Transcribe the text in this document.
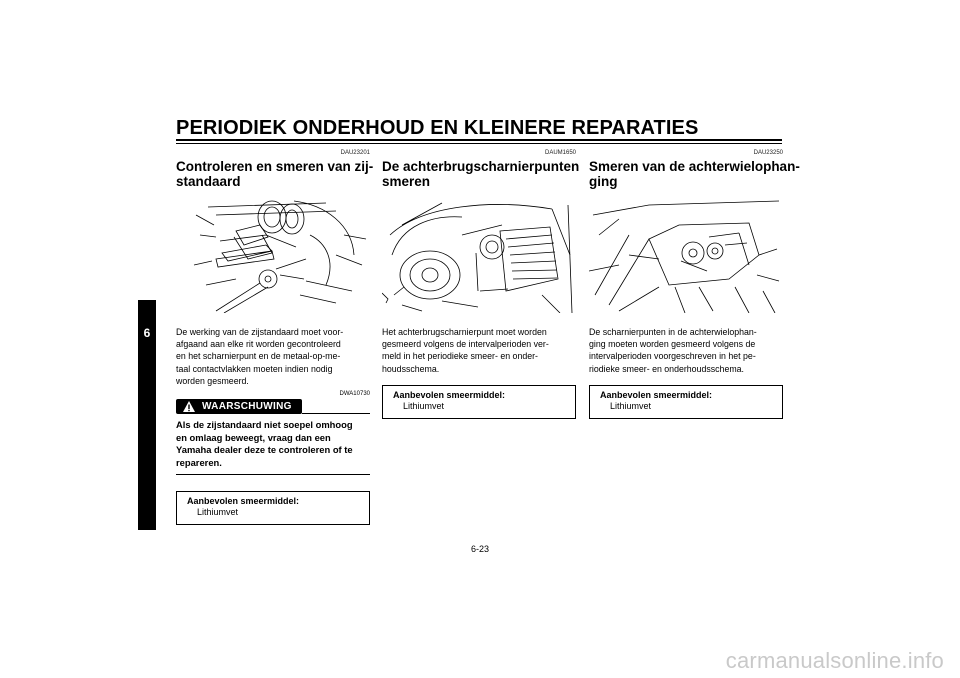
PERIODIEK ONDERHOUD EN KLEINERE REPARATIES
6
DAU23201
Controleren en smeren van zij-
standaard
De werking van de zijstandaard moet voor-
afgaand aan elke rit worden gecontroleerd
en het scharnierpunt en de metaal-op-me-
taal contactvlakken moeten indien nodig
worden gesmeerd.
DWA10730
WAARSCHUWING
Als de zijstandaard niet soepel omhoog
en omlaag beweegt, vraag dan een
Yamaha dealer deze te controleren of te
repareren.
Aanbevolen smeermiddel:
Lithiumvet
DAUM1650
De achterbrugscharnierpunten
smeren
Het achterbrugscharnierpunt moet worden
gesmeerd volgens de intervalperioden ver-
meld in het periodieke smeer- en onder-
houdsschema.
Aanbevolen smeermiddel:
Lithiumvet
DAU23250
Smeren van de achterwielophan-
ging
De scharnierpunten in de achterwielophan-
ging moeten worden gesmeerd volgens de
intervalperioden voorgeschreven in het pe-
riodieke smeer- en onderhoudsschema.
Aanbevolen smeermiddel:
Lithiumvet
6-23
carmanualsonline.info
